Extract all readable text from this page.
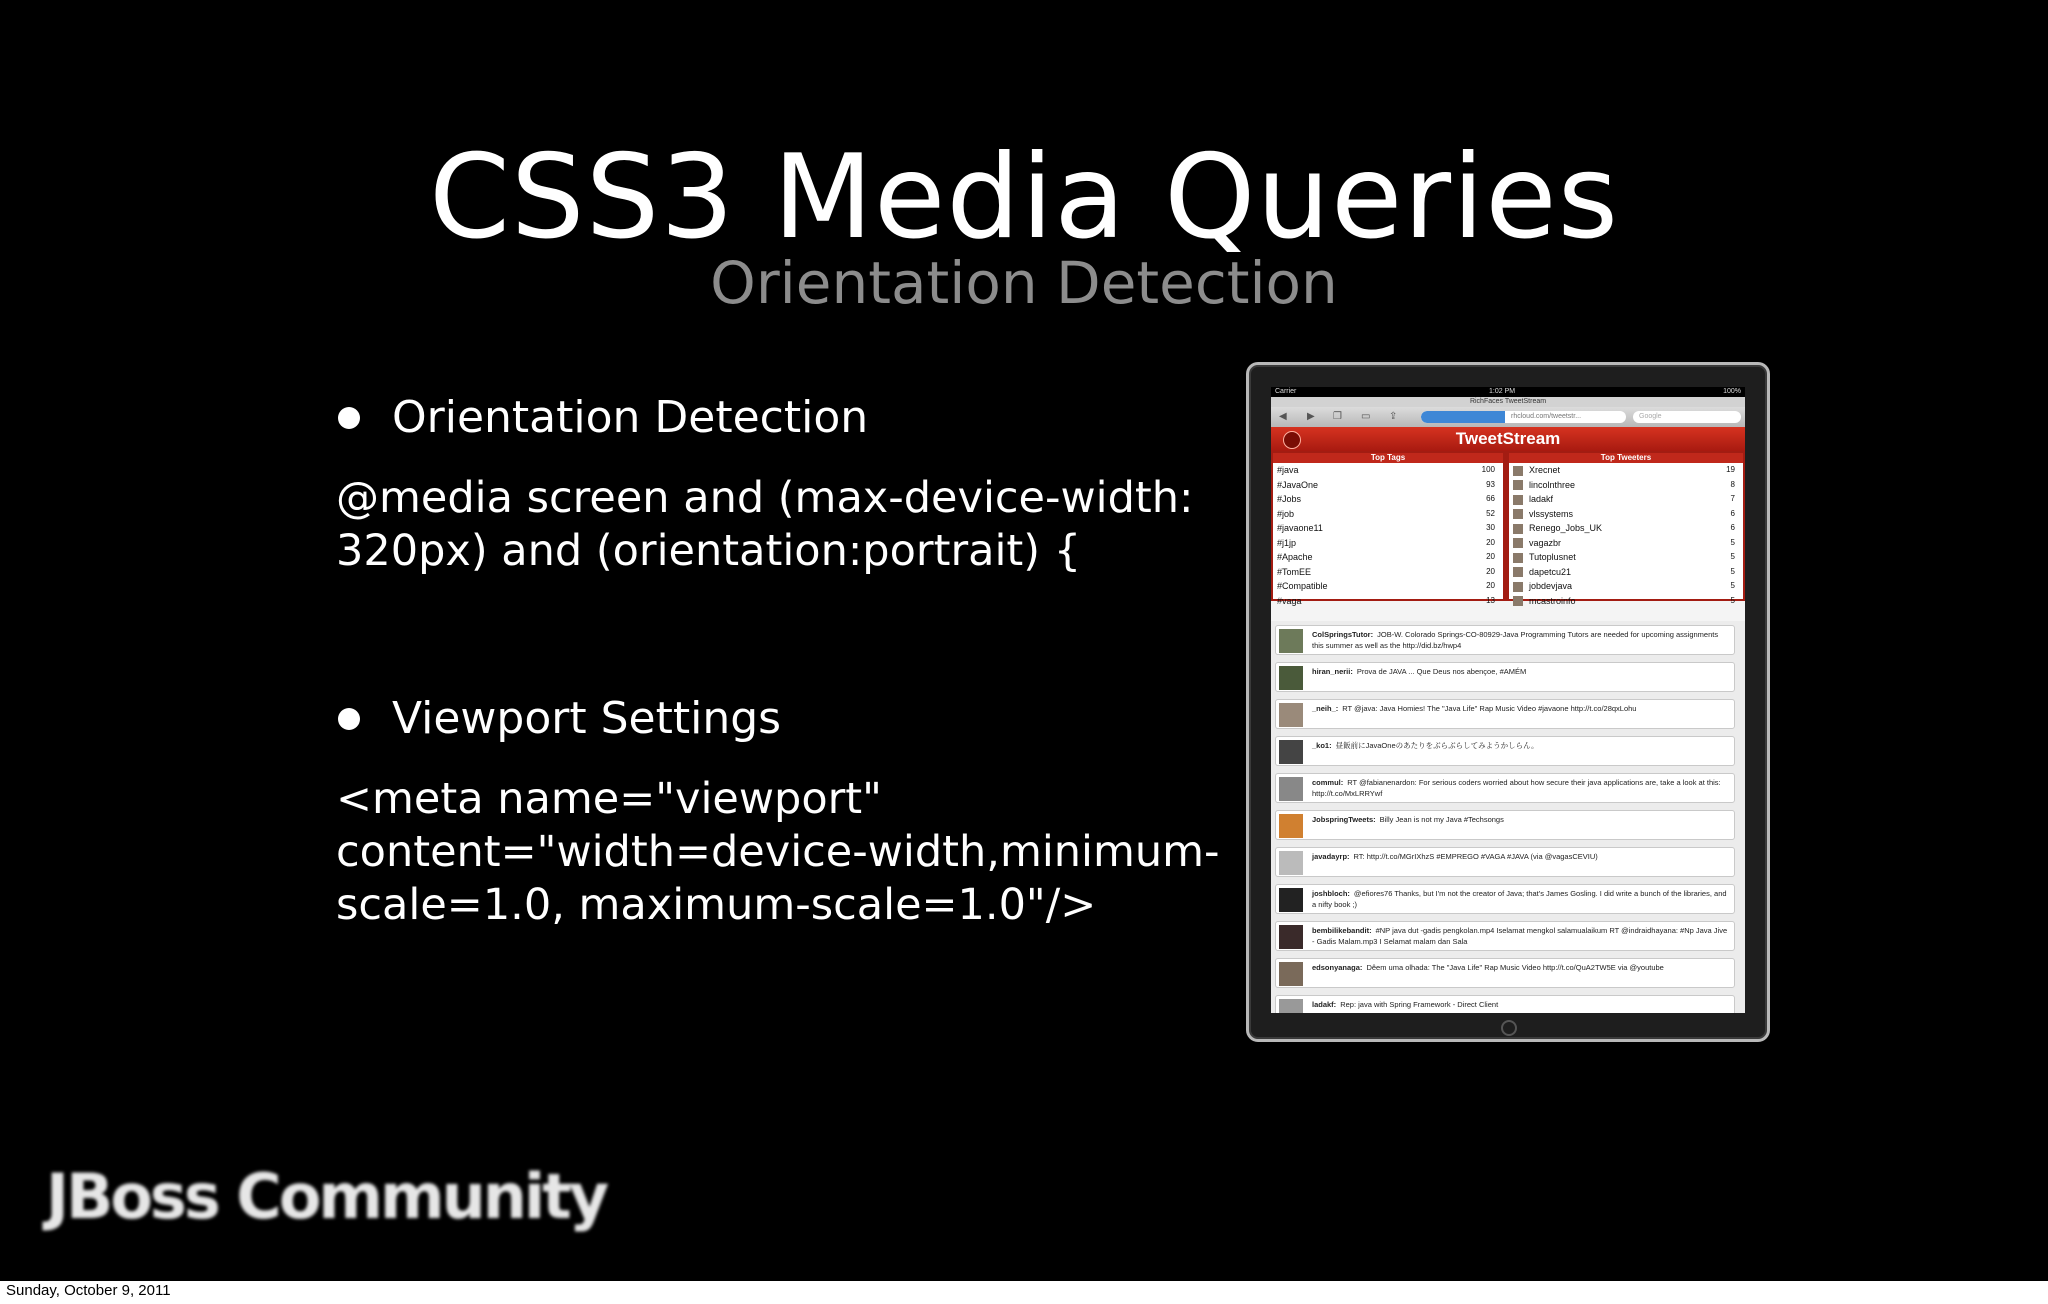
CSS3 Media Queries
Orientation Detection
Orientation Detection
@media screen and (max-device-width:
320px) and (orientation:portrait) {
Viewport Settings
<meta name="viewport"
content="width=device-width,minimum-
scale=1.0, maximum-scale=1.0"/>
Carrier	1:02 PM	100%
RichFaces TweetStream
◀ ▶ ❐ ▭ ⇪	rhcloud.com/tweetstr...	Google
TweetStream
Top Tags
#java	100
#JavaOne	93
#Jobs	66
#job	52
#javaone11	30
#j1jp	20
#Apache	20
#TomEE	20
#Compatible	20
#vaga	13
Top Tweeters
Xrecnet	19
lincolnthree	8
ladakf	7
vlssystems	6
Renego_Jobs_UK	6
vagazbr	5
Tutoplusnet	5
dapetcu21	5
jobdevjava	5
mcastroinfo	5
ColSpringsTutor: JOB-W. Colorado Springs-CO-80929-Java Programming Tutors are needed for upcoming assignments this summer as well as the http://did.bz/hwp4
hiran_nerii: Prova de JAVA ... Que Deus nos abençoe, #AMÉM
_neih_: RT @java: Java Homies! The "Java Life" Rap Music Video #javaone http://t.co/28qxLohu
_ko1: 昼飯前にJavaOneのあたりをぶらぶらしてみようかしらん。
commul: RT @fabianenardon: For serious coders worried about how secure their java applications are, take a look at this: http://t.co/MxLRRYwf
JobspringTweets: Billy Jean is not my Java #Techsongs
javadayrp: RT: http://t.co/MGrIXhzS #EMPREGO #VAGA #JAVA (via @vagasCEVIU)
joshbloch: @efiores76 Thanks, but I'm not the creator of Java; that's James Gosling. I did write a bunch of the libraries, and a nifty book ;)
bembilikebandit: #NP java dut -gadis pengkolan.mp4 Iselamat mengkol salamualaikum RT @indraidhayana: #Np Java Jive - Gadis Malam.mp3 I Selamat malam dan Sala
edsonyanaga: Dêem uma olhada: The "Java Life" Rap Music Video http://t.co/QuA2TW5E via @youtube
ladakf: Rep: java with Spring Framework - Direct Client
JBoss Community
Sunday, October 9, 2011
